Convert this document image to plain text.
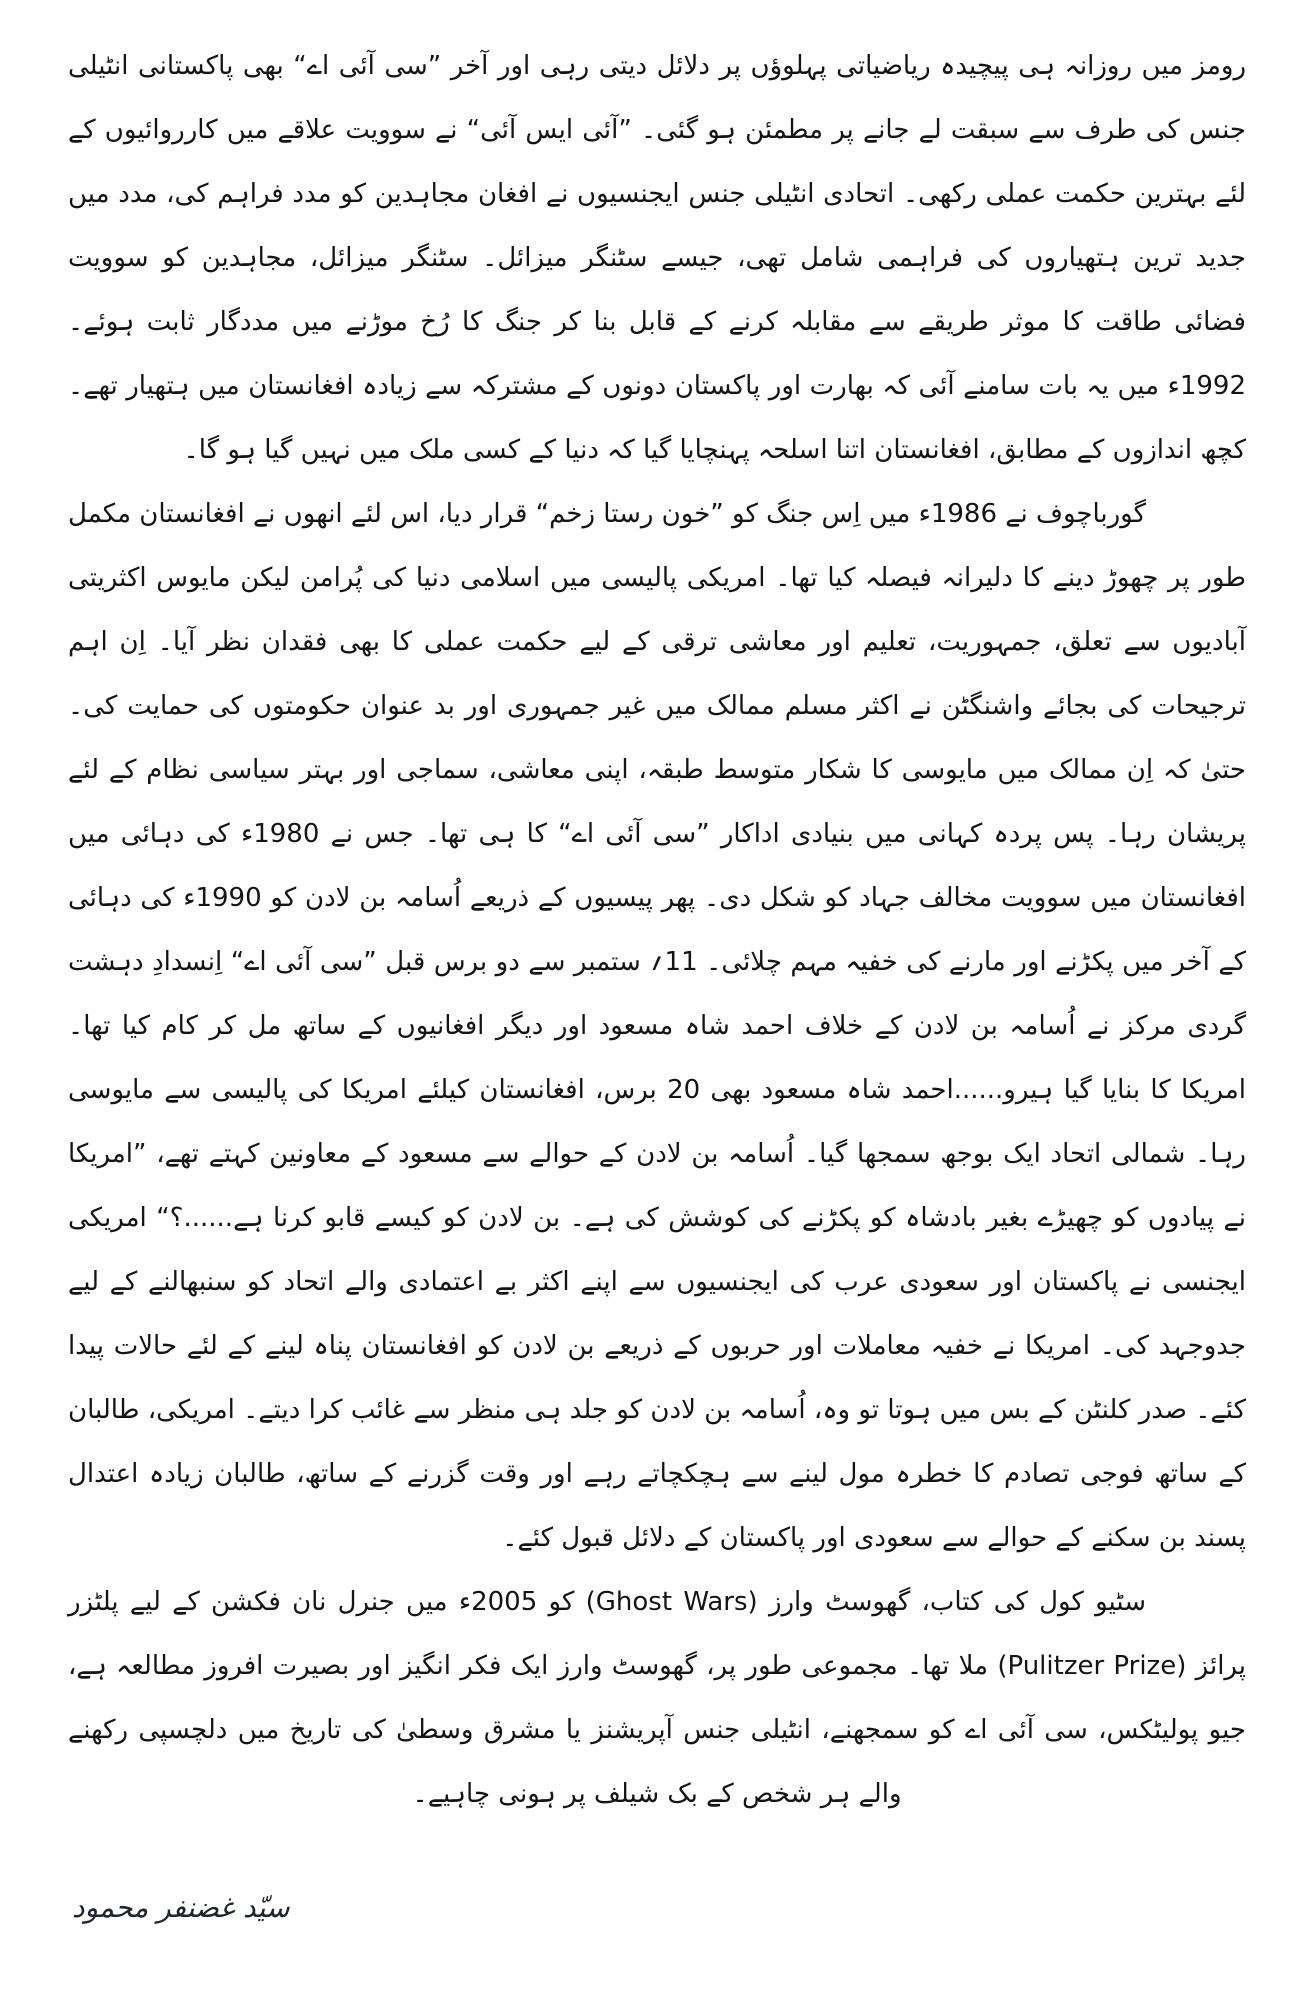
رومز میں روزانہ ہی پیچیدہ ریاضیاتی پہلوؤں پر دلائل دیتی رہی اور آخر ”سی آئی اے“ بھی پاکستانی انٹیلی جنس کی طرف سے سبقت لے جانے پر مطمئن ہو گئی۔ ”آئی ایس آئی“ نے سوویت علاقے میں کارروائیوں کے لئے بہترین حکمت عملی رکھی۔ اتحادی انٹیلی جنس ایجنسیوں نے افغان مجاہدین کو مدد فراہم کی، مدد میں جدید ترین ہتھیاروں کی فراہمی شامل تھی، جیسے سٹنگر میزائل۔ سٹنگر میزائل، مجاہدین کو سوویت فضائی طاقت کا موثر طریقے سے مقابلہ کرنے کے قابل بنا کر جنگ کا رُخ موڑنے میں مددگار ثابت ہوئے۔ 1992ء میں یہ بات سامنے آئی کہ بھارت اور پاکستان دونوں کے مشترکہ سے زیادہ افغانستان میں ہتھیار تھے۔ کچھ اندازوں کے مطابق، افغانستان اتنا اسلحہ پہنچایا گیا کہ دنیا کے کسی ملک میں نہیں گیا ہو گا۔

گورباچوف نے 1986ء میں اِس جنگ کو ”خون رستا زخم“ قرار دیا، اس لئے انھوں نے افغانستان مکمل طور پر چھوڑ دینے کا دلیرانہ فیصلہ کیا تھا۔ امریکی پالیسی میں اسلامی دنیا کی پُرامن لیکن مایوس اکثریتی آبادیوں سے تعلق، جمہوریت، تعلیم اور معاشی ترقی کے لیے حکمت عملی کا بھی فقدان نظر آیا۔ اِن اہم ترجیحات کی بجائے واشنگٹن نے اکثر مسلم ممالک میں غیر جمہوری اور بد عنوان حکومتوں کی حمایت کی۔ حتیٰ کہ اِن ممالک میں مایوسی کا شکار متوسط طبقہ، اپنی معاشی، سماجی اور بہتر سیاسی نظام کے لئے پریشان رہا۔ پس پردہ کہانی میں بنیادی اداکار ”سی آئی اے“ کا ہی تھا۔ جس نے 1980ء کی دہائی میں افغانستان میں سوویت مخالف جہاد کو شکل دی۔ پھر پیسیوں کے ذریعے اُسامہ بن لادن کو 1990ء کی دہائی کے آخر میں پکڑنے اور مارنے کی خفیہ مہم چلائی۔ 11؍ ستمبر سے دو برس قبل ”سی آئی اے“ اِنسدادِ دہشت گردی مرکز نے اُسامہ بن لادن کے خلاف احمد شاہ مسعود اور دیگر افغانیوں کے ساتھ مل کر کام کیا تھا۔ امریکا کا بنایا گیا ہیرو......احمد شاہ مسعود بھی 20 برس، افغانستان کیلئے امریکا کی پالیسی سے مایوسی رہا۔ شمالی اتحاد ایک بوجھ سمجھا گیا۔ اُسامہ بن لادن کے حوالے سے مسعود کے معاونین کہتے تھے، ”امریکا نے پیادوں کو چھیڑے بغیر بادشاہ کو پکڑنے کی کوشش کی ہے۔ بن لادن کو کیسے قابو کرنا ہے......؟“ امریکی ایجنسی نے پاکستان اور سعودی عرب کی ایجنسیوں سے اپنے اکثر بے اعتمادی والے اتحاد کو سنبھالنے کے لیے جدوجہد کی۔ امریکا نے خفیہ معاملات اور حربوں کے ذریعے بن لادن کو افغانستان پناہ لینے کے لئے حالات پیدا کئے۔ صدر کلنٹن کے بس میں ہوتا تو وہ، اُسامہ بن لادن کو جلد ہی منظر سے غائب کرا دیتے۔ امریکی، طالبان کے ساتھ فوجی تصادم کا خطرہ مول لینے سے ہچکچاتے رہے اور وقت گزرنے کے ساتھ، طالبان زیادہ اعتدال پسند بن سکنے کے حوالے سے سعودی اور پاکستان کے دلائل قبول کئے۔

سٹیو کول کی کتاب، گھوسٹ وارز (Ghost Wars) کو 2005ء میں جنرل نان فکشن کے لیے پلٹزر پرائز (Pulitzer Prize) ملا تھا۔ مجموعی طور پر، گھوسٹ وارز ایک فکر انگیز اور بصیرت افروز مطالعہ ہے، جیو پولیٹکس، سی آئی اے کو سمجھنے، انٹیلی جنس آپریشنز یا مشرق وسطیٰ کی تاریخ میں دلچسپی رکھنے والے ہر شخص کے بک شیلف پر ہونی چاہیے۔

سیّد غضنفر محمود
